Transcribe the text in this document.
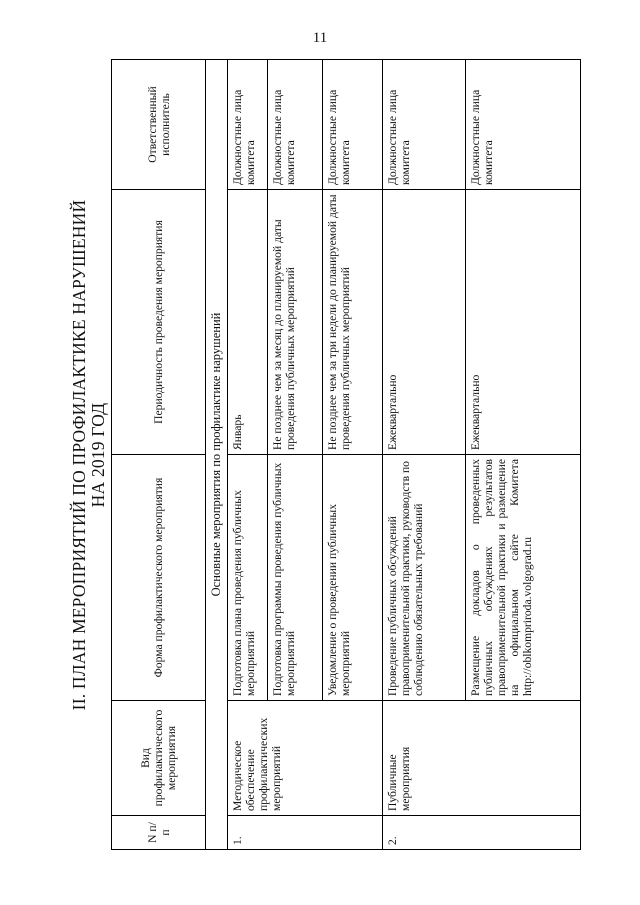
11
II. ПЛАН МЕРОПРИЯТИЙ ПО ПРОФИЛАКТИКЕ НАРУШЕНИЙ НА 2019 ГОД
N п/п	Вид профилактического мероприятия	Форма профилактического мероприятия	Периодичность проведения мероприятия	Ответственный исполнитель
Основные мероприятия по профилактике нарушений				
1.	Методическое обеспечение профилактических мероприятий	Подготовка плана проведения публичных мероприятий	Январь	Должностные лица комитета
		Подготовка программы проведения публичных мероприятий	Не позднее чем за месяц до планируемой даты проведения публичных мероприятий	Должностные лица комитета
		Уведомление о проведении публичных мероприятий	Не позднее чем за три недели до планируемой даты проведения публичных мероприятий	Должностные лица комитета
2.	Публичные мероприятия	Проведение публичных обсуждений правоприменительной практики, руководств по соблюдению обязательных требований	Ежеквартально	Должностные лица комитета
		Размещение докладов о проведенных публичных обсуждениях результатов правоприменительной практики и размещение на официальном сайте Комитета http://oblkompriroda.volgograd.ru	Ежеквартально	Должностные лица комитета
